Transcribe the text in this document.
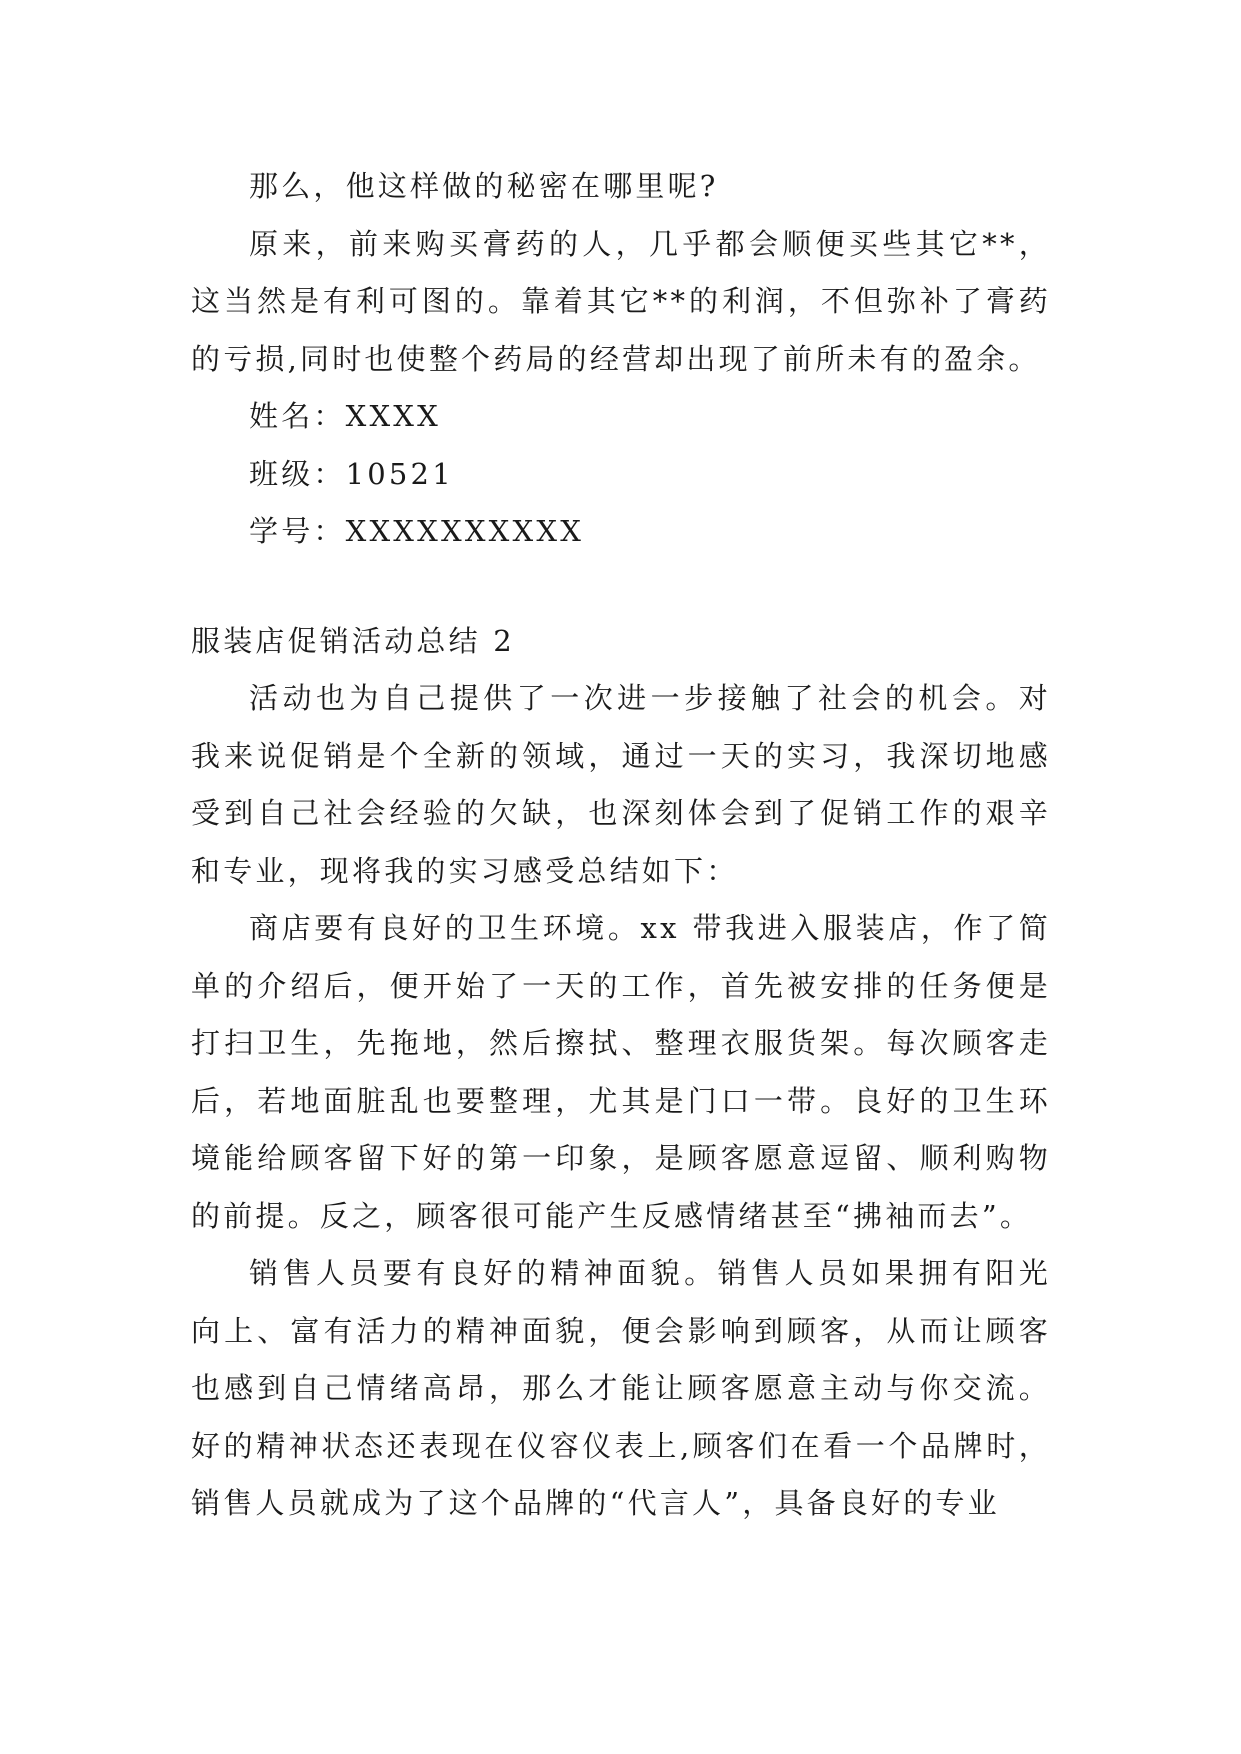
那么，他这样做的秘密在哪里呢?

原来，前来购买膏药的人，几乎都会顺便买些其它**，这当然是有利可图的。靠着其它**的利润，不但弥补了膏药的亏损,同时也使整个药局的经营却出现了前所未有的盈余。

姓名：XXXX

班级：10521

学号：XXXXXXXXXX

服装店促销活动总结 2

活动也为自己提供了一次进一步接触了社会的机会。对我来说促销是个全新的领域，通过一天的实习，我深切地感受到自己社会经验的欠缺，也深刻体会到了促销工作的艰辛和专业，现将我的实习感受总结如下：

商店要有良好的卫生环境。xx 带我进入服装店，作了简单的介绍后，便开始了一天的工作，首先被安排的任务便是打扫卫生，先拖地，然后擦拭、整理衣服货架。每次顾客走后，若地面脏乱也要整理，尤其是门口一带。良好的卫生环境能给顾客留下好的第一印象，是顾客愿意逗留、顺利购物的前提。反之，顾客很可能产生反感情绪甚至“拂袖而去”。

销售人员要有良好的精神面貌。销售人员如果拥有阳光向上、富有活力的精神面貌，便会影响到顾客，从而让顾客也感到自己情绪高昂，那么才能让顾客愿意主动与你交流。好的精神状态还表现在仪容仪表上,顾客们在看一个品牌时，销售人员就成为了这个品牌的“代言人”，具备良好的专业
